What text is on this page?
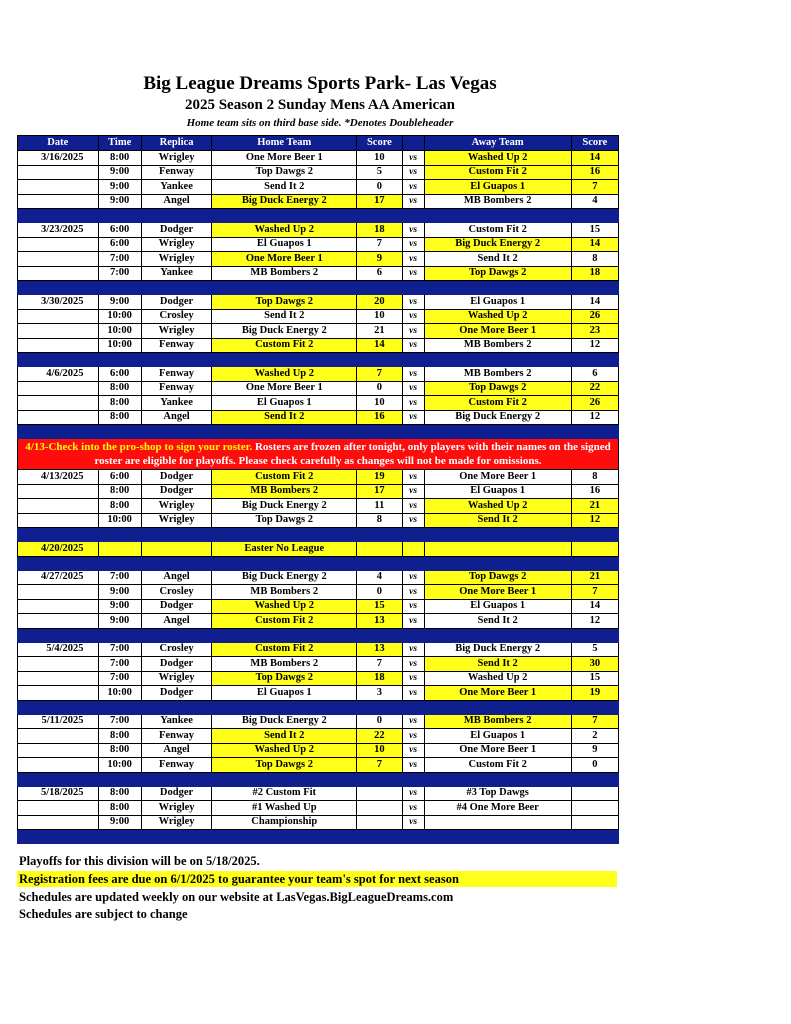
Big League Dreams Sports Park- Las Vegas
2025 Season 2 Sunday Mens AA American
Home team sits on third base side. *Denotes Doubleheader
Date	Time	Replica	Home Team	Score		Away Team	Score
3/16/2025	8:00	Wrigley	One More Beer 1	10	vs	Washed Up 2	14
	9:00	Fenway	Top Dawgs 2	5	vs	Custom Fit 2	16
	9:00	Yankee	Send It 2	0	vs	El Guapos 1	7
	9:00	Angel	Big Duck Energy 2	17	vs	MB Bombers 2	4

3/23/2025	6:00	Dodger	Washed Up 2	18	vs	Custom Fit 2	15
	6:00	Wrigley	El Guapos 1	7	vs	Big Duck Energy 2	14
	7:00	Wrigley	One More Beer 1	9	vs	Send It 2	8
	7:00	Yankee	MB Bombers 2	6	vs	Top Dawgs 2	18

3/30/2025	9:00	Dodger	Top Dawgs 2	20	vs	El Guapos 1	14
	10:00	Crosley	Send It 2	10	vs	Washed Up 2	26
	10:00	Wrigley	Big Duck Energy 2	21	vs	One More Beer 1	23
	10:00	Fenway	Custom Fit 2	14	vs	MB Bombers 2	12

4/6/2025	6:00	Fenway	Washed Up 2	7	vs	MB Bombers 2	6
	8:00	Fenway	One More Beer 1	0	vs	Top Dawgs 2	22
	8:00	Yankee	El Guapos 1	10	vs	Custom Fit 2	26
	8:00	Angel	Send It 2	16	vs	Big Duck Energy 2	12

4/13-Check into the pro-shop to sign your roster. Rosters are frozen after tonight, only players with their names on the signed roster are eligible for playoffs. Please check carefully as changes will not be made for omissions.							
4/13/2025	6:00	Dodger	Custom Fit 2	19	vs	One More Beer 1	8
	8:00	Dodger	MB Bombers 2	17	vs	El Guapos 1	16
	8:00	Wrigley	Big Duck Energy 2	11	vs	Washed Up 2	21
	10:00	Wrigley	Top Dawgs 2	8	vs	Send It 2	12

4/20/2025			Easter No League				

4/27/2025	7:00	Angel	Big Duck Energy 2	4	vs	Top Dawgs 2	21
	9:00	Crosley	MB Bombers 2	0	vs	One More Beer 1	7
	9:00	Dodger	Washed Up 2	15	vs	El Guapos 1	14
	9:00	Angel	Custom Fit 2	13	vs	Send It 2	12

5/4/2025	7:00	Crosley	Custom Fit 2	13	vs	Big Duck Energy 2	5
	7:00	Dodger	MB Bombers 2	7	vs	Send It 2	30
	7:00	Wrigley	Top Dawgs 2	18	vs	Washed Up 2	15
	10:00	Dodger	El Guapos 1	3	vs	One More Beer 1	19

5/11/2025	7:00	Yankee	Big Duck Energy 2	0	vs	MB Bombers 2	7
	8:00	Fenway	Send It 2	22	vs	El Guapos 1	2
	8:00	Angel	Washed Up 2	10	vs	One More Beer 1	9
	10:00	Fenway	Top Dawgs 2	7	vs	Custom Fit 2	0

5/18/2025	8:00	Dodger	#2 Custom Fit		vs	#3 Top Dawgs	
	8:00	Wrigley	#1 Washed Up		vs	#4 One More Beer	
	9:00	Wrigley	Championship		vs		

Playoffs for this division will be on 5/18/2025.
Registration fees are due on 6/1/2025 to guarantee your team's spot for next season
Schedules are updated weekly on our website at LasVegas.BigLeagueDreams.com
Schedules are subject to change
